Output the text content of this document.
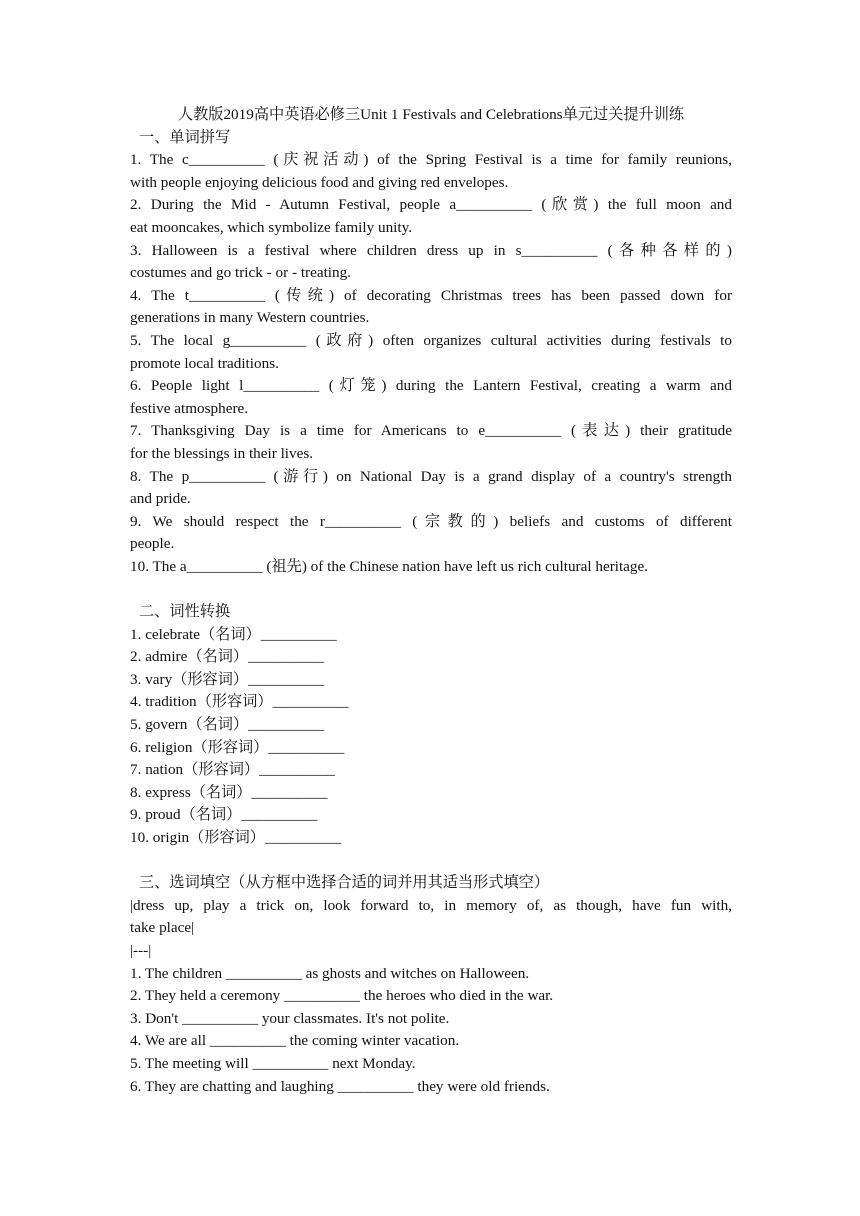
人教版2019高中英语必修三Unit 1 Festivals and Celebrations单元过关提升训练

一、单词拼写

1. The c__________ (庆祝活动) of the Spring Festival is a time for family reunions,

with people enjoying delicious food and giving red envelopes.

2. During the Mid - Autumn Festival, people a__________ (欣赏) the full moon and

eat mooncakes, which symbolize family unity.

3. Halloween is a festival where children dress up in s__________ (各种各样的)

costumes and go trick - or - treating.

4. The t__________ (传统) of decorating Christmas trees has been passed down for

generations in many Western countries.

5. The local g__________ (政府) often organizes cultural activities during festivals to

promote local traditions.

6. People light l__________ (灯笼) during the Lantern Festival, creating a warm and

festive atmosphere.

7. Thanksgiving Day is a time for Americans to e__________ (表达) their gratitude

for the blessings in their lives.

8. The p__________ (游行) on National Day is a grand display of a country's strength

and pride.

9. We should respect the r__________ (宗教的) beliefs and customs of different

people.

10. The a__________ (祖先) of the Chinese nation have left us rich cultural heritage.

二、词性转换

1. celebrate（名词）__________

2. admire（名词）__________

3. vary（形容词）__________

4. tradition（形容词）__________

5. govern（名词）__________

6. religion（形容词）__________

7. nation（形容词）__________

8. express（名词）__________

9. proud（名词）__________

10. origin（形容词）__________

三、选词填空（从方框中选择合适的词并用其适当形式填空）

|dress up, play a trick on, look forward to, in memory of, as though, have fun with,

take place|

|---|

1. The children __________ as ghosts and witches on Halloween.

2. They held a ceremony __________ the heroes who died in the war.

3. Don't __________ your classmates. It's not polite.

4. We are all __________ the coming winter vacation.

5. The meeting will __________ next Monday.

6. They are chatting and laughing __________ they were old friends.
